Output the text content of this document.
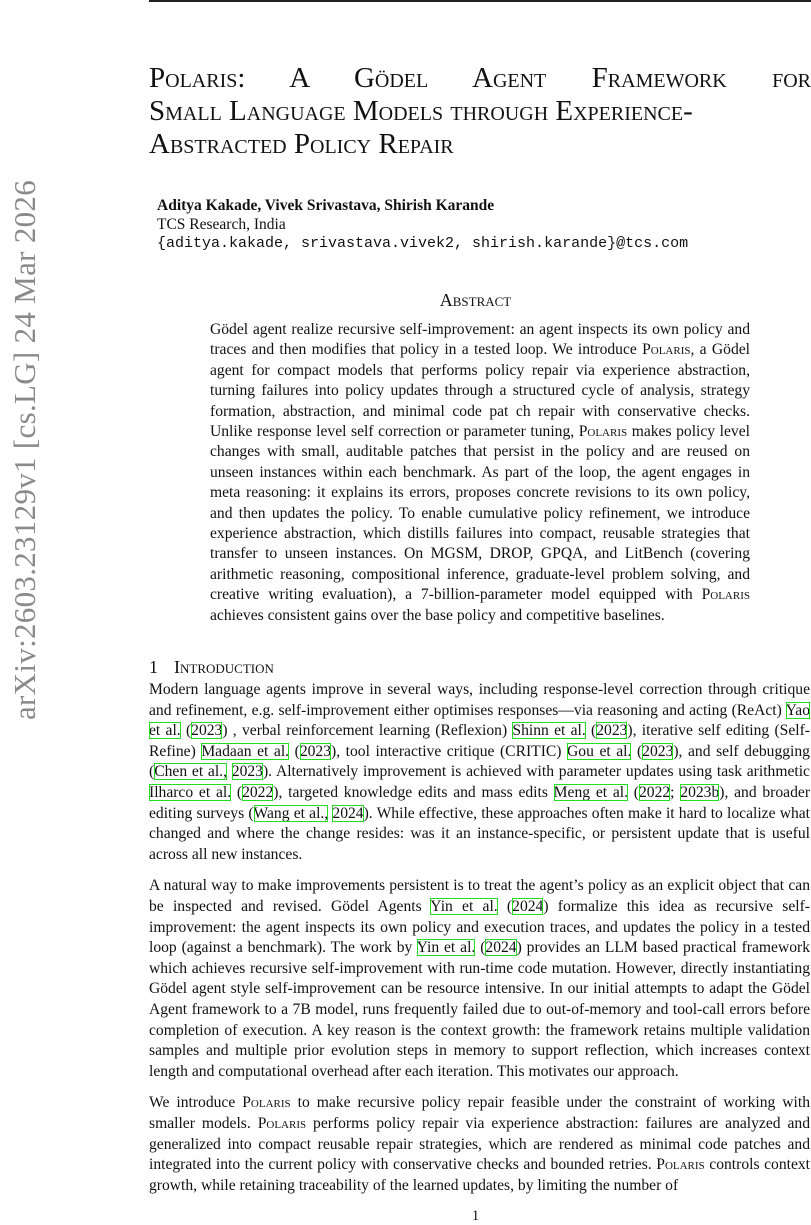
arXiv:2603.23129v1 [cs.LG] 24 Mar 2026
Polaris: A Gödel Agent Framework for
Small Language Models through Experience-
Abstracted Policy Repair
Aditya Kakade, Vivek Srivastava, Shirish Karande
TCS Research, India
{aditya.kakade, srivastava.vivek2, shirish.karande}@tcs.com
Abstract
Gödel agent realize recursive self-improvement: an agent inspects its own policy and traces and then modifies that policy in a tested loop. We introduce Polaris, a Gödel agent for compact models that performs policy repair via experience abstraction, turning failures into policy updates through a structured cycle of analysis, strategy formation, abstraction, and minimal code pat ch repair with conservative checks. Unlike response level self correction or parameter tuning, Polaris makes policy level changes with small, auditable patches that persist in the policy and are reused on unseen instances within each benchmark. As part of the loop, the agent engages in meta reasoning: it explains its errors, proposes concrete revisions to its own policy, and then updates the policy. To enable cumulative policy refinement, we introduce experience abstraction, which distills failures into compact, reusable strategies that transfer to unseen instances. On MGSM, DROP, GPQA, and LitBench (covering arithmetic reasoning, compositional inference, graduate-level problem solving, and creative writing evaluation), a 7-billion-parameter model equipped with Polaris achieves consistent gains over the base policy and competitive baselines.
1 Introduction

Modern language agents improve in several ways, including response-level correction through critique and refinement, e.g. self-improvement either optimises responses—via reasoning and acting (ReAct) Yao et al. (2023) , verbal reinforcement learning (Reflexion) Shinn et al. (2023), iterative self editing (Self-Refine) Madaan et al. (2023), tool interactive critique (CRITIC) Gou et al. (2023), and self debugging (Chen et al., 2023). Alternatively improvement is achieved with parameter updates using task arithmetic Ilharco et al. (2022), targeted knowledge edits and mass edits Meng et al. (2022; 2023b), and broader editing surveys (Wang et al., 2024). While effective, these approaches often make it hard to localize what changed and where the change resides: was it an instance-specific, or persistent update that is useful across all new instances.

A natural way to make improvements persistent is to treat the agent’s policy as an explicit object that can be inspected and revised. Gödel Agents Yin et al. (2024) formalize this idea as recursive self-improvement: the agent inspects its own policy and execution traces, and updates the policy in a tested loop (against a benchmark). The work by Yin et al. (2024) provides an LLM based practical framework which achieves recursive self-improvement with run-time code mutation. However, directly instantiating Gödel agent style self-improvement can be resource intensive. In our initial attempts to adapt the Gödel Agent framework to a 7B model, runs frequently failed due to out-of-memory and tool-call errors before completion of execution. A key reason is the context growth: the framework retains multiple validation samples and multiple prior evolution steps in memory to support reflection, which increases context length and computational overhead after each iteration. This motivates our approach.

We introduce Polaris to make recursive policy repair feasible under the constraint of working with smaller models. Polaris performs policy repair via experience abstraction: failures are analyzed and generalized into compact reusable repair strategies, which are rendered as minimal code patches and integrated into the current policy with conservative checks and bounded retries. Polaris controls context growth, while retaining traceability of the learned updates, by limiting the number of

1
